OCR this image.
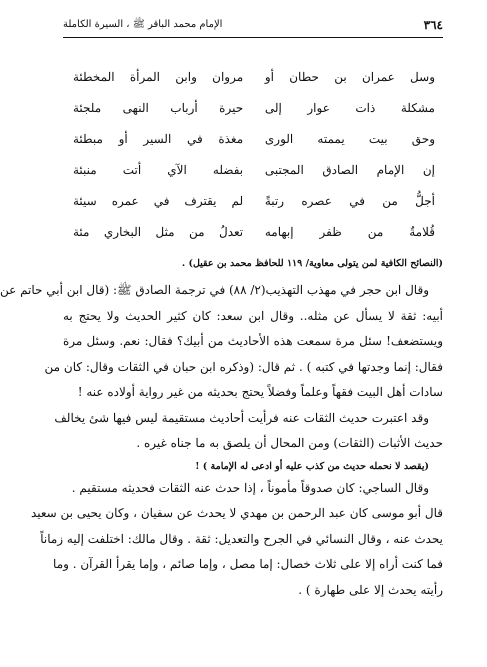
٣٦٤
الإمام محمد الباقر ﷺ ، السيرة الكاملة
وسل عمران بن حطان أو
مروان وابن المرأة المخطئة
مشكلة ذات عوار إلى
حيرة أرباب النهى ملجئة
وحق بيت يممته الورى
مغذة في السير أو مبطئة
إن الإمام الصادق المجتبى
بفضله الآي أتت منبئة
أجلُّ من في عصره رتبةً
لم يقترف في عمره سيئة
قُلامةٌ من ظفر إبهامه
تعدلُ من مثل البخاري مئة
(النصائح الكافية لمن يتولى معاوية/ ١١٩ للحافظ محمد بن عقيل) .
وقال ابن حجر في مهذب التهذيب(٢/ ٨٨) في ترجمة الصادق ﷺ: (قال ابن أبي حاتم عن
أبيه: ثقة لا يسأل عن مثله.. وقال ابن سعد: كان كثير الحديث ولا يحتج به
ويستضعف! سئل مرة سمعت هذه الأحاديث من أبيك؟ فقال: نعم. وسئل مرة
فقال: إنما وجدتها في كتبه ) . ثم قال: (وذكره ابن حبان في الثقات وقال: كان من
سادات أهل البيت فقهاً وعلماً وفضلاً يحتج بحديثه من غير رواية أولاده عنه !
وقد اعتبرت حديث الثقات عنه فرأيت أحاديث مستقيمة ليس فيها شئ يخالف
حديث الأثبات (الثقات) ومن المحال أن يلصق به ما جناه غيره .
(يقصد لا نحمله حديث من كذب عليه أو ادعى له الإمامة ) !
وقال الساجي: كان صدوقاً مأموناً ، إذا حدث عنه الثقات فحديثه مستقيم .
قال أبو موسى كان عبد الرحمن بن مهدي لا يحدث عن سفيان ، وكان يحيى بن سعيد
يحدث عنه ، وقال النسائي في الجرح والتعديل: ثقة . وقال مالك: اختلفت إليه زماناً
فما كنت أراه إلا على ثلاث خصال: إما مصل ، وإما صائم ، وإما يقرأ القرآن . وما
رأيته يحدث إلا على طهارة ) .
